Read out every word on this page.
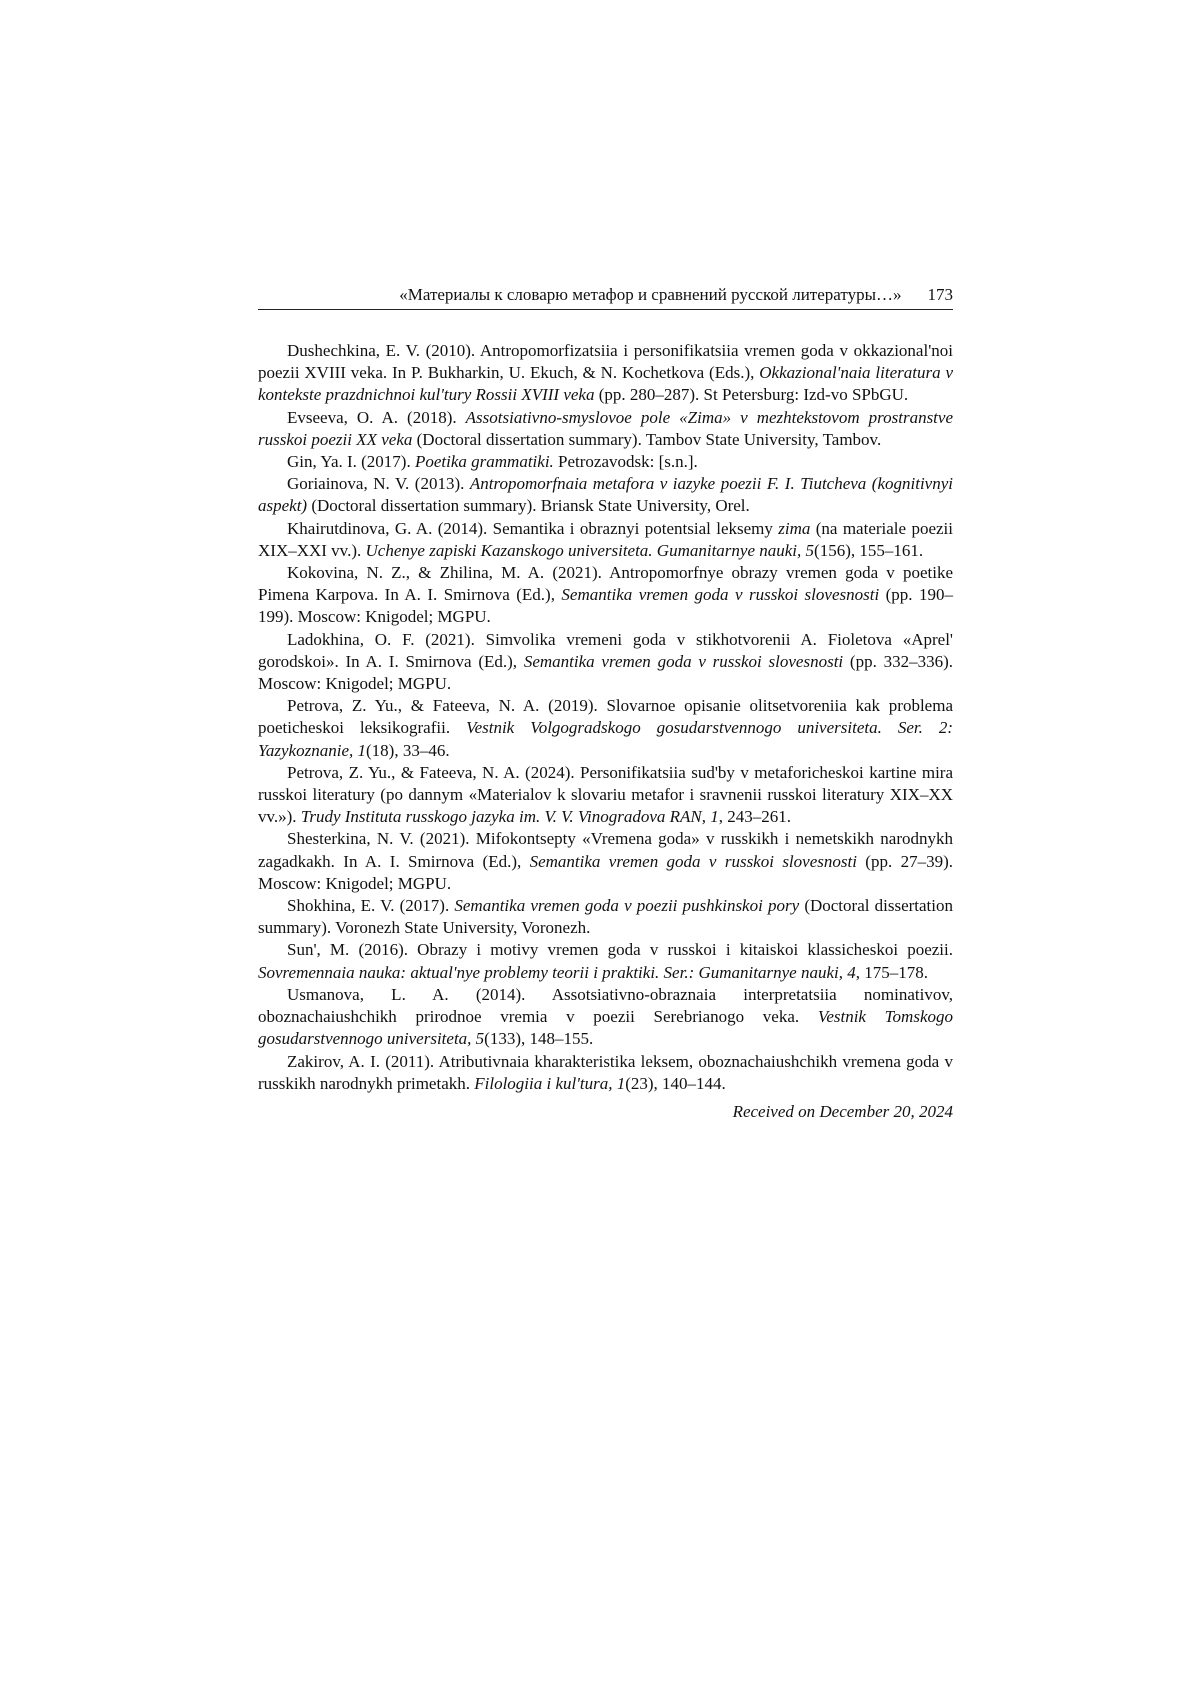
«Материалы к словарю метафор и сравнений русской литературы…» 173

Dushechkina, E. V. (2010). Antropomorfizatsiia i personifikatsiia vremen goda v okkazional'noi poezii XVIII veka. In P. Bukharkin, U. Ekuch, & N. Kochetkova (Eds.), Okkazional'naia literatura v kontekste prazdnichnoi kul'tury Rossii XVIII veka (pp. 280–287). St Petersburg: Izd-vo SPbGU.

Evseeva, O. A. (2018). Assotsiativno-smyslovoe pole «Zima» v mezhtekstovom prostranstve russkoi poezii XX veka (Doctoral dissertation summary). Tambov State University, Tambov.

Gin, Ya. I. (2017). Poetika grammatiki. Petrozavodsk: [s.n.].

Goriainova, N. V. (2013). Antropomorfnaia metafora v iazyke poezii F. I. Tiutcheva (kognitivnyi aspekt) (Doctoral dissertation summary). Briansk State University, Orel.

Khairutdinova, G. A. (2014). Semantika i obraznyi potentsial leksemy zima (na materiale poezii XIX–XXI vv.). Uchenye zapiski Kazanskogo universiteta. Gumanitarnye nauki, 5(156), 155–161.

Kokovina, N. Z., & Zhilina, M. A. (2021). Antropomorfnye obrazy vremen goda v poetike Pimena Karpova. In A. I. Smirnova (Ed.), Semantika vremen goda v russkoi slovesnosti (pp. 190–199). Moscow: Knigodel; MGPU.

Ladokhina, O. F. (2021). Simvolika vremeni goda v stikhotvorenii A. Fioletova «Aprel' gorodskoi». In A. I. Smirnova (Ed.), Semantika vremen goda v russkoi slovesnosti (pp. 332–336). Moscow: Knigodel; MGPU.

Petrova, Z. Yu., & Fateeva, N. A. (2019). Slovarnoe opisanie olitsetvoreniia kak problema poeticheskoi leksikografii. Vestnik Volgogradskogo gosudarstvennogo universiteta. Ser. 2: Yazykoznanie, 1(18), 33–46.

Petrova, Z. Yu., & Fateeva, N. A. (2024). Personifikatsiia sud'by v metaforicheskoi kartine mira russkoi literatury (po dannym «Materialov k slovariu metafor i sravnenii russkoi literatury XIX–XX vv.»). Trudy Instituta russkogo jazyka im. V. V. Vinogradova RAN, 1, 243–261.

Shesterkina, N. V. (2021). Mifokontsepty «Vremena goda» v russkikh i nemetskikh narodnykh zagadkakh. In A. I. Smirnova (Ed.), Semantika vremen goda v russkoi slovesnosti (pp. 27–39). Moscow: Knigodel; MGPU.

Shokhina, E. V. (2017). Semantika vremen goda v poezii pushkinskoi pory (Doctoral dissertation summary). Voronezh State University, Voronezh.

Sun', M. (2016). Obrazy i motivy vremen goda v russkoi i kitaiskoi klassicheskoi poezii. Sovremennaia nauka: aktual'nye problemy teorii i praktiki. Ser.: Gumanitarnye nauki, 4, 175–178.

Usmanova, L. A. (2014). Assotsiativno-obraznaia interpretatsiia nominativov, oboznachaiushchikh prirodnoe vremia v poezii Serebrianogo veka. Vestnik Tomskogo gosudarstvennogo universiteta, 5(133), 148–155.

Zakirov, A. I. (2011). Atributivnaia kharakteristika leksem, oboznachaiushchikh vremena goda v russkikh narodnykh primetakh. Filologiia i kul'tura, 1(23), 140–144.

Received on December 20, 2024
